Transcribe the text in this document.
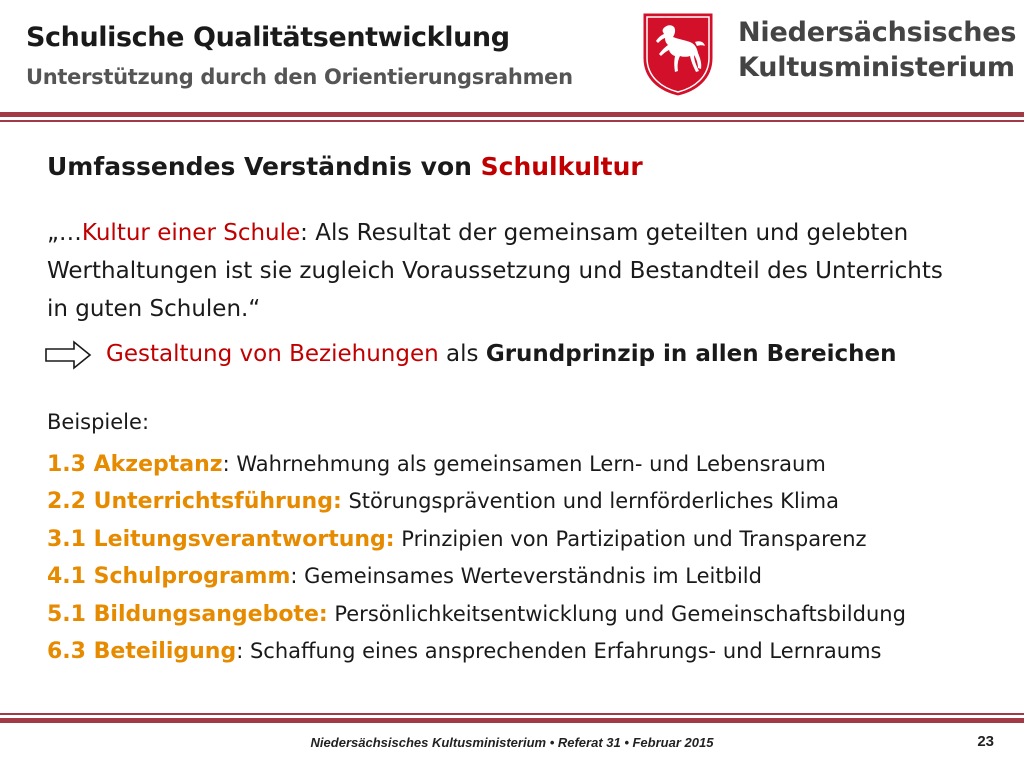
Schulische Qualitätsentwicklung
Unterstützung durch den Orientierungsrahmen
Niedersächsisches
Kultusministerium
Umfassendes Verständnis von Schulkultur
„…Kultur einer Schule: Als Resultat der gemeinsam geteilten und gelebten Werthaltungen ist sie zugleich Voraussetzung und Bestandteil des Unterrichts in guten Schulen.“
Gestaltung von Beziehungen als Grundprinzip in allen Bereichen
Beispiele:
1.3 Akzeptanz: Wahrnehmung als gemeinsamen Lern- und Lebensraum
2.2 Unterrichtsführung: Störungsprävention und lernförderliches Klima
3.1 Leitungsverantwortung: Prinzipien von Partizipation und Transparenz
4.1 Schulprogramm: Gemeinsames Werteverständnis im Leitbild
5.1 Bildungsangebote: Persönlichkeitsentwicklung und Gemeinschaftsbildung
6.3 Beteiligung: Schaffung eines ansprechenden Erfahrungs- und Lernraums
Niedersächsisches Kultusministerium • Referat 31 • Februar 2015	23
